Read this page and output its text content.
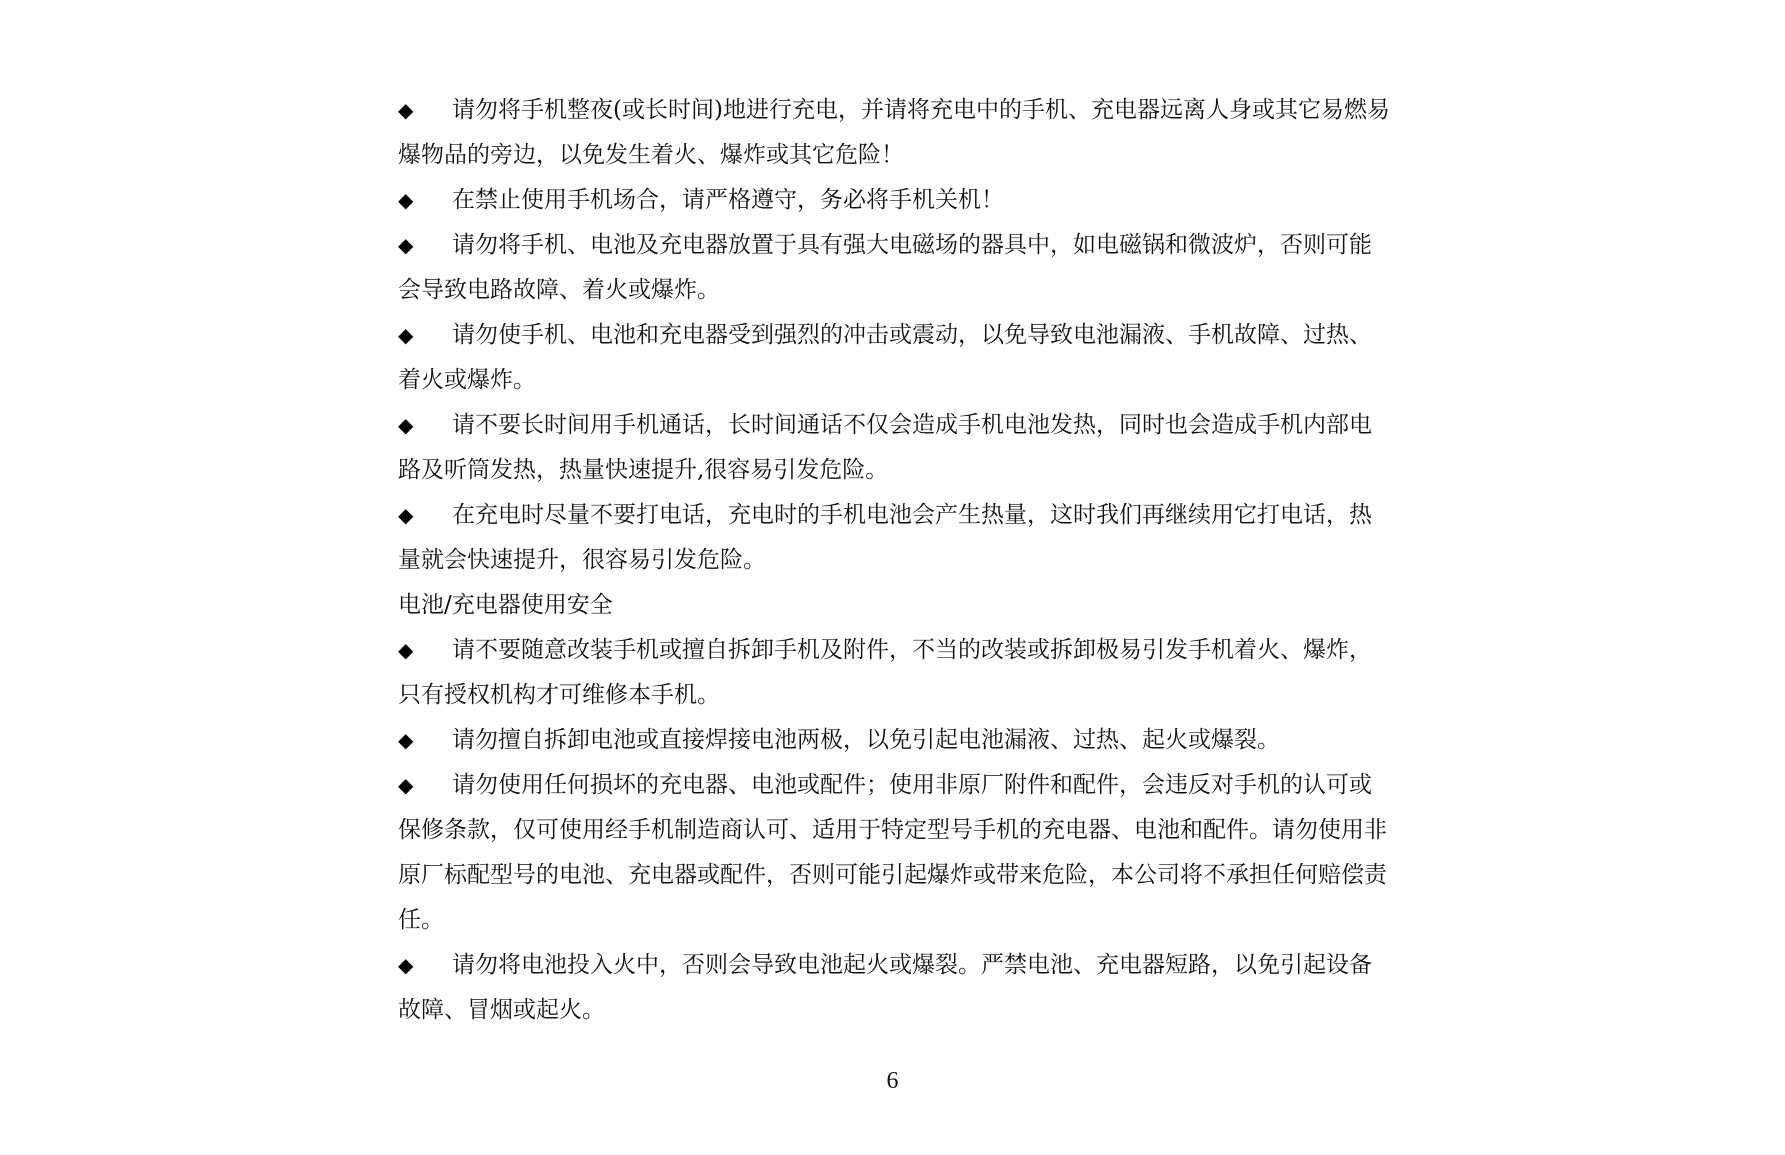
◆	请勿将手机整夜(或长时间)地进行充电，并请将充电中的手机、充电器远离人身或其它易燃易爆物品的旁边，以免发生着火、爆炸或其它危险！

◆	在禁止使用手机场合，请严格遵守，务必将手机关机！

◆	请勿将手机、电池及充电器放置于具有强大电磁场的器具中，如电磁锅和微波炉，否则可能会导致电路故障、着火或爆炸。

◆	请勿使手机、电池和充电器受到强烈的冲击或震动，以免导致电池漏液、手机故障、过热、着火或爆炸。

◆	请不要长时间用手机通话，长时间通话不仅会造成手机电池发热，同时也会造成手机内部电路及听筒发热，热量快速提升,很容易引发危险。

◆	在充电时尽量不要打电话，充电时的手机电池会产生热量，这时我们再继续用它打电话，热量就会快速提升，很容易引发危险。

电池/充电器使用安全

◆	请不要随意改装手机或擅自拆卸手机及附件，不当的改装或拆卸极易引发手机着火、爆炸，只有授权机构才可维修本手机。

◆	请勿擅自拆卸电池或直接焊接电池两极，以免引起电池漏液、过热、起火或爆裂。

◆	请勿使用任何损坏的充电器、电池或配件；使用非原厂附件和配件，会违反对手机的认可或保修条款，仅可使用经手机制造商认可、适用于特定型号手机的充电器、电池和配件。请勿使用非原厂标配型号的电池、充电器或配件，否则可能引起爆炸或带来危险，本公司将不承担任何赔偿责任。

◆	请勿将电池投入火中，否则会导致电池起火或爆裂。严禁电池、充电器短路，以免引起设备故障、冒烟或起火。

6
